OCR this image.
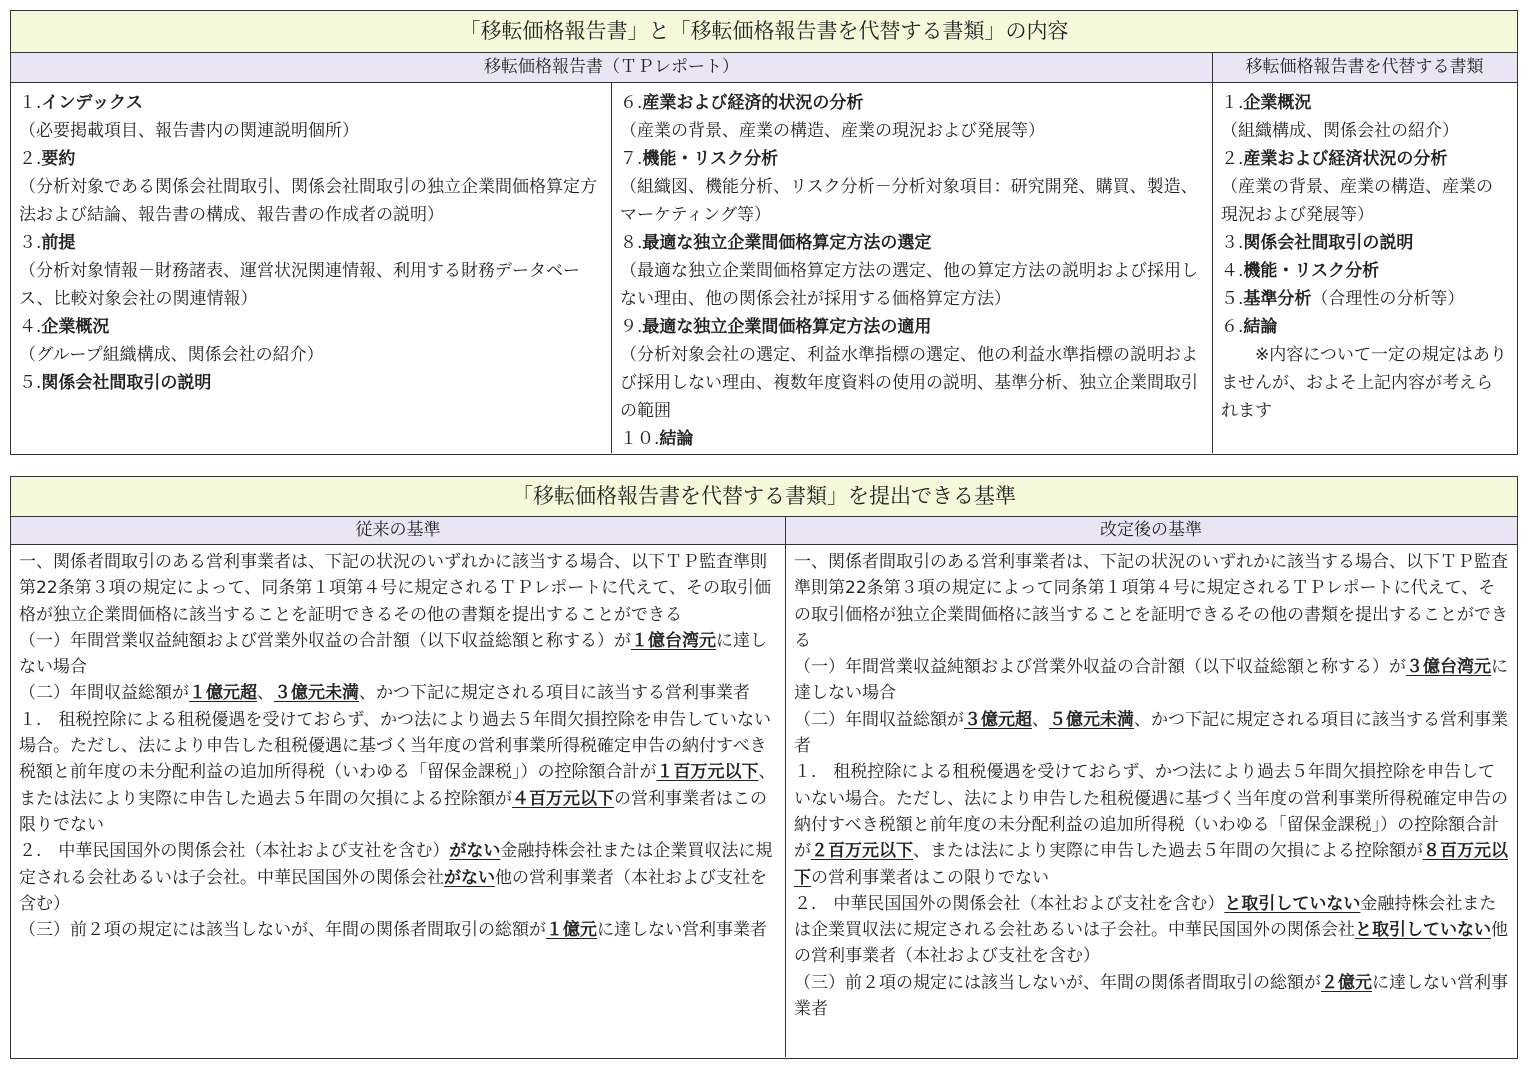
「移転価格報告書」と「移転価格報告書を代替する書類」の内容
移転価格報告書（ＴＰレポート）	移転価格報告書を代替する書類

１.インデックス

（必要掲載項目、報告書内の関連説明個所）

２.要約

（分析対象である関係会社間取引、関係会社間取引の独立企業間価格算定方法および結論、報告書の構成、報告書の作成者の説明）

３.前提

（分析対象情報－財務諸表、運営状況関連情報、利用する財務データベース、比較対象会社の関連情報）

４.企業概況

（グループ組織構成、関係会社の紹介）

５.関係会社間取引の説明

６.産業および経済的状況の分析

（産業の背景、産業の構造、産業の現況および発展等）

７.機能・リスク分析

（組織図、機能分析、リスク分析－分析対象項目：研究開発、購買、製造、マーケティング等）

８.最適な独立企業間価格算定方法の選定

（最適な独立企業間価格算定方法の選定、他の算定方法の説明および採用しない理由、他の関係会社が採用する価格算定方法）

９.最適な独立企業間価格算定方法の適用

（分析対象会社の選定、利益水準指標の選定、他の利益水準指標の説明および採用しない理由、複数年度資料の使用の説明、基準分析、独立企業間取引の範囲

１０.結論

１.企業概況

（組織構成、関係会社の紹介）

２.産業および経済状況の分析

（産業の背景、産業の構造、産業の現況および発展等）

３.関係会社間取引の説明

４.機能・リスク分析

５.基準分析（合理性の分析等）

６.結論

※内容について一定の規定はありませんが、およそ上記内容が考えられます

「移転価格報告書を代替する書類」を提出できる基準
従来の基準	改定後の基準

一、関係者間取引のある営利事業者は、下記の状況のいずれかに該当する場合、以下ＴＰ監査準則第22条第３項の規定によって、同条第１項第４号に規定されるＴＰレポートに代えて、その取引価格が独立企業間価格に該当することを証明できるその他の書類を提出することができる

（一）年間営業収益純額および営業外収益の合計額（以下収益総額と称する）が１億台湾元に達しない場合

（二）年間収益総額が１億元超、３億元未満、かつ下記に規定される項目に該当する営利事業者

１.　租税控除による租税優遇を受けておらず、かつ法により過去５年間欠損控除を申告していない場合。ただし、法により申告した租税優遇に基づく当年度の営利事業所得税確定申告の納付すべき税額と前年度の未分配利益の追加所得税（いわゆる「留保金課税」）の控除額合計が１百万元以下、または法により実際に申告した過去５年間の欠損による控除額が４百万元以下の営利事業者はこの限りでない

２.　中華民国国外の関係会社（本社および支社を含む）がない金融持株会社または企業買収法に規定される会社あるいは子会社。中華民国国外の関係会社がない他の営利事業者（本社および支社を含む）

（三）前２項の規定には該当しないが、年間の関係者間取引の総額が１億元に達しない営利事業者

一、関係者間取引のある営利事業者は、下記の状況のいずれかに該当する場合、以下ＴＰ監査準則第22条第３項の規定によって同条第１項第４号に規定されるＴＰレポートに代えて、その取引価格が独立企業間価格に該当することを証明できるその他の書類を提出することができる

（一）年間営業収益純額および営業外収益の合計額（以下収益総額と称する）が３億台湾元に達しない場合

（二）年間収益総額が３億元超、５億元未満、かつ下記に規定される項目に該当する営利事業者

１.　租税控除による租税優遇を受けておらず、かつ法により過去５年間欠損控除を申告していない場合。ただし、法により申告した租税優遇に基づく当年度の営利事業所得税確定申告の納付すべき税額と前年度の未分配利益の追加所得税（いわゆる「留保金課税」）の控除額合計が２百万元以下、または法により実際に申告した過去５年間の欠損による控除額が８百万元以下の営利事業者はこの限りでない

２.　中華民国国外の関係会社（本社および支社を含む）と取引していない金融持株会社または企業買収法に規定される会社あるいは子会社。中華民国国外の関係会社と取引していない他の営利事業者（本社および支社を含む）

（三）前２項の規定には該当しないが、年間の関係者間取引の総額が２億元に達しない営利事業者
